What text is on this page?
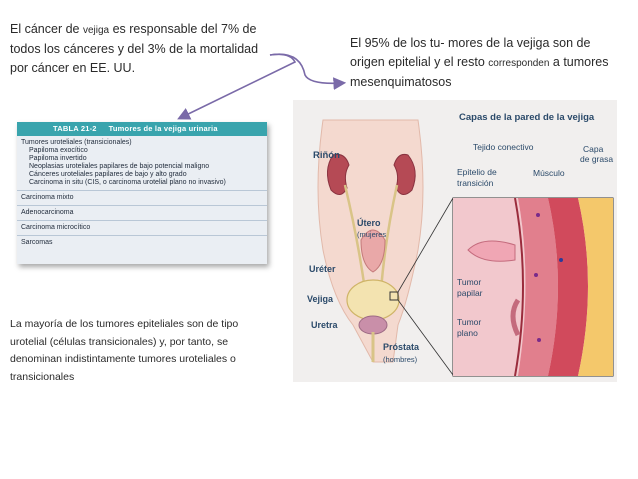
El cáncer de vejiga es responsable del 7% de todos los cánceres y del 3% de la mortalidad por cáncer en EE. UU.
El 95% de los tu- mores de la vejiga son de origen epitelial y el resto corresponden a tumores mesenquimatosos
TABLA 21-2 Tumores de la vejiga urinaria
Tumores uroteliales (transicionales)
Papiloma exocítico
Papiloma invertido
Neoplasias uroteliales papilares de bajo potencial maligno
Cánceres uroteliales papilares de bajo y alto grado
Carcinoma in situ (CIS, o carcinoma urotelial plano no invasivo)
Carcinoma mixto
Adenocarcinoma
Carcinoma microcítico
Sarcomas
La mayoría de los tumores epiteliales son de tipo urotelial (células transicionales) y, por tanto, se denominan indistintamente tumores uroteliales o transicionales
Riñón
Útero
(mujeres
Uréter
Vejiga
Uretra
Próstata
(hombres)
Capas de la pared de la vejiga
Tejido conectivo	Capa
de grasa
Epitelio de
transición
Músculo
Tumor
papilar
Tumor
plano
